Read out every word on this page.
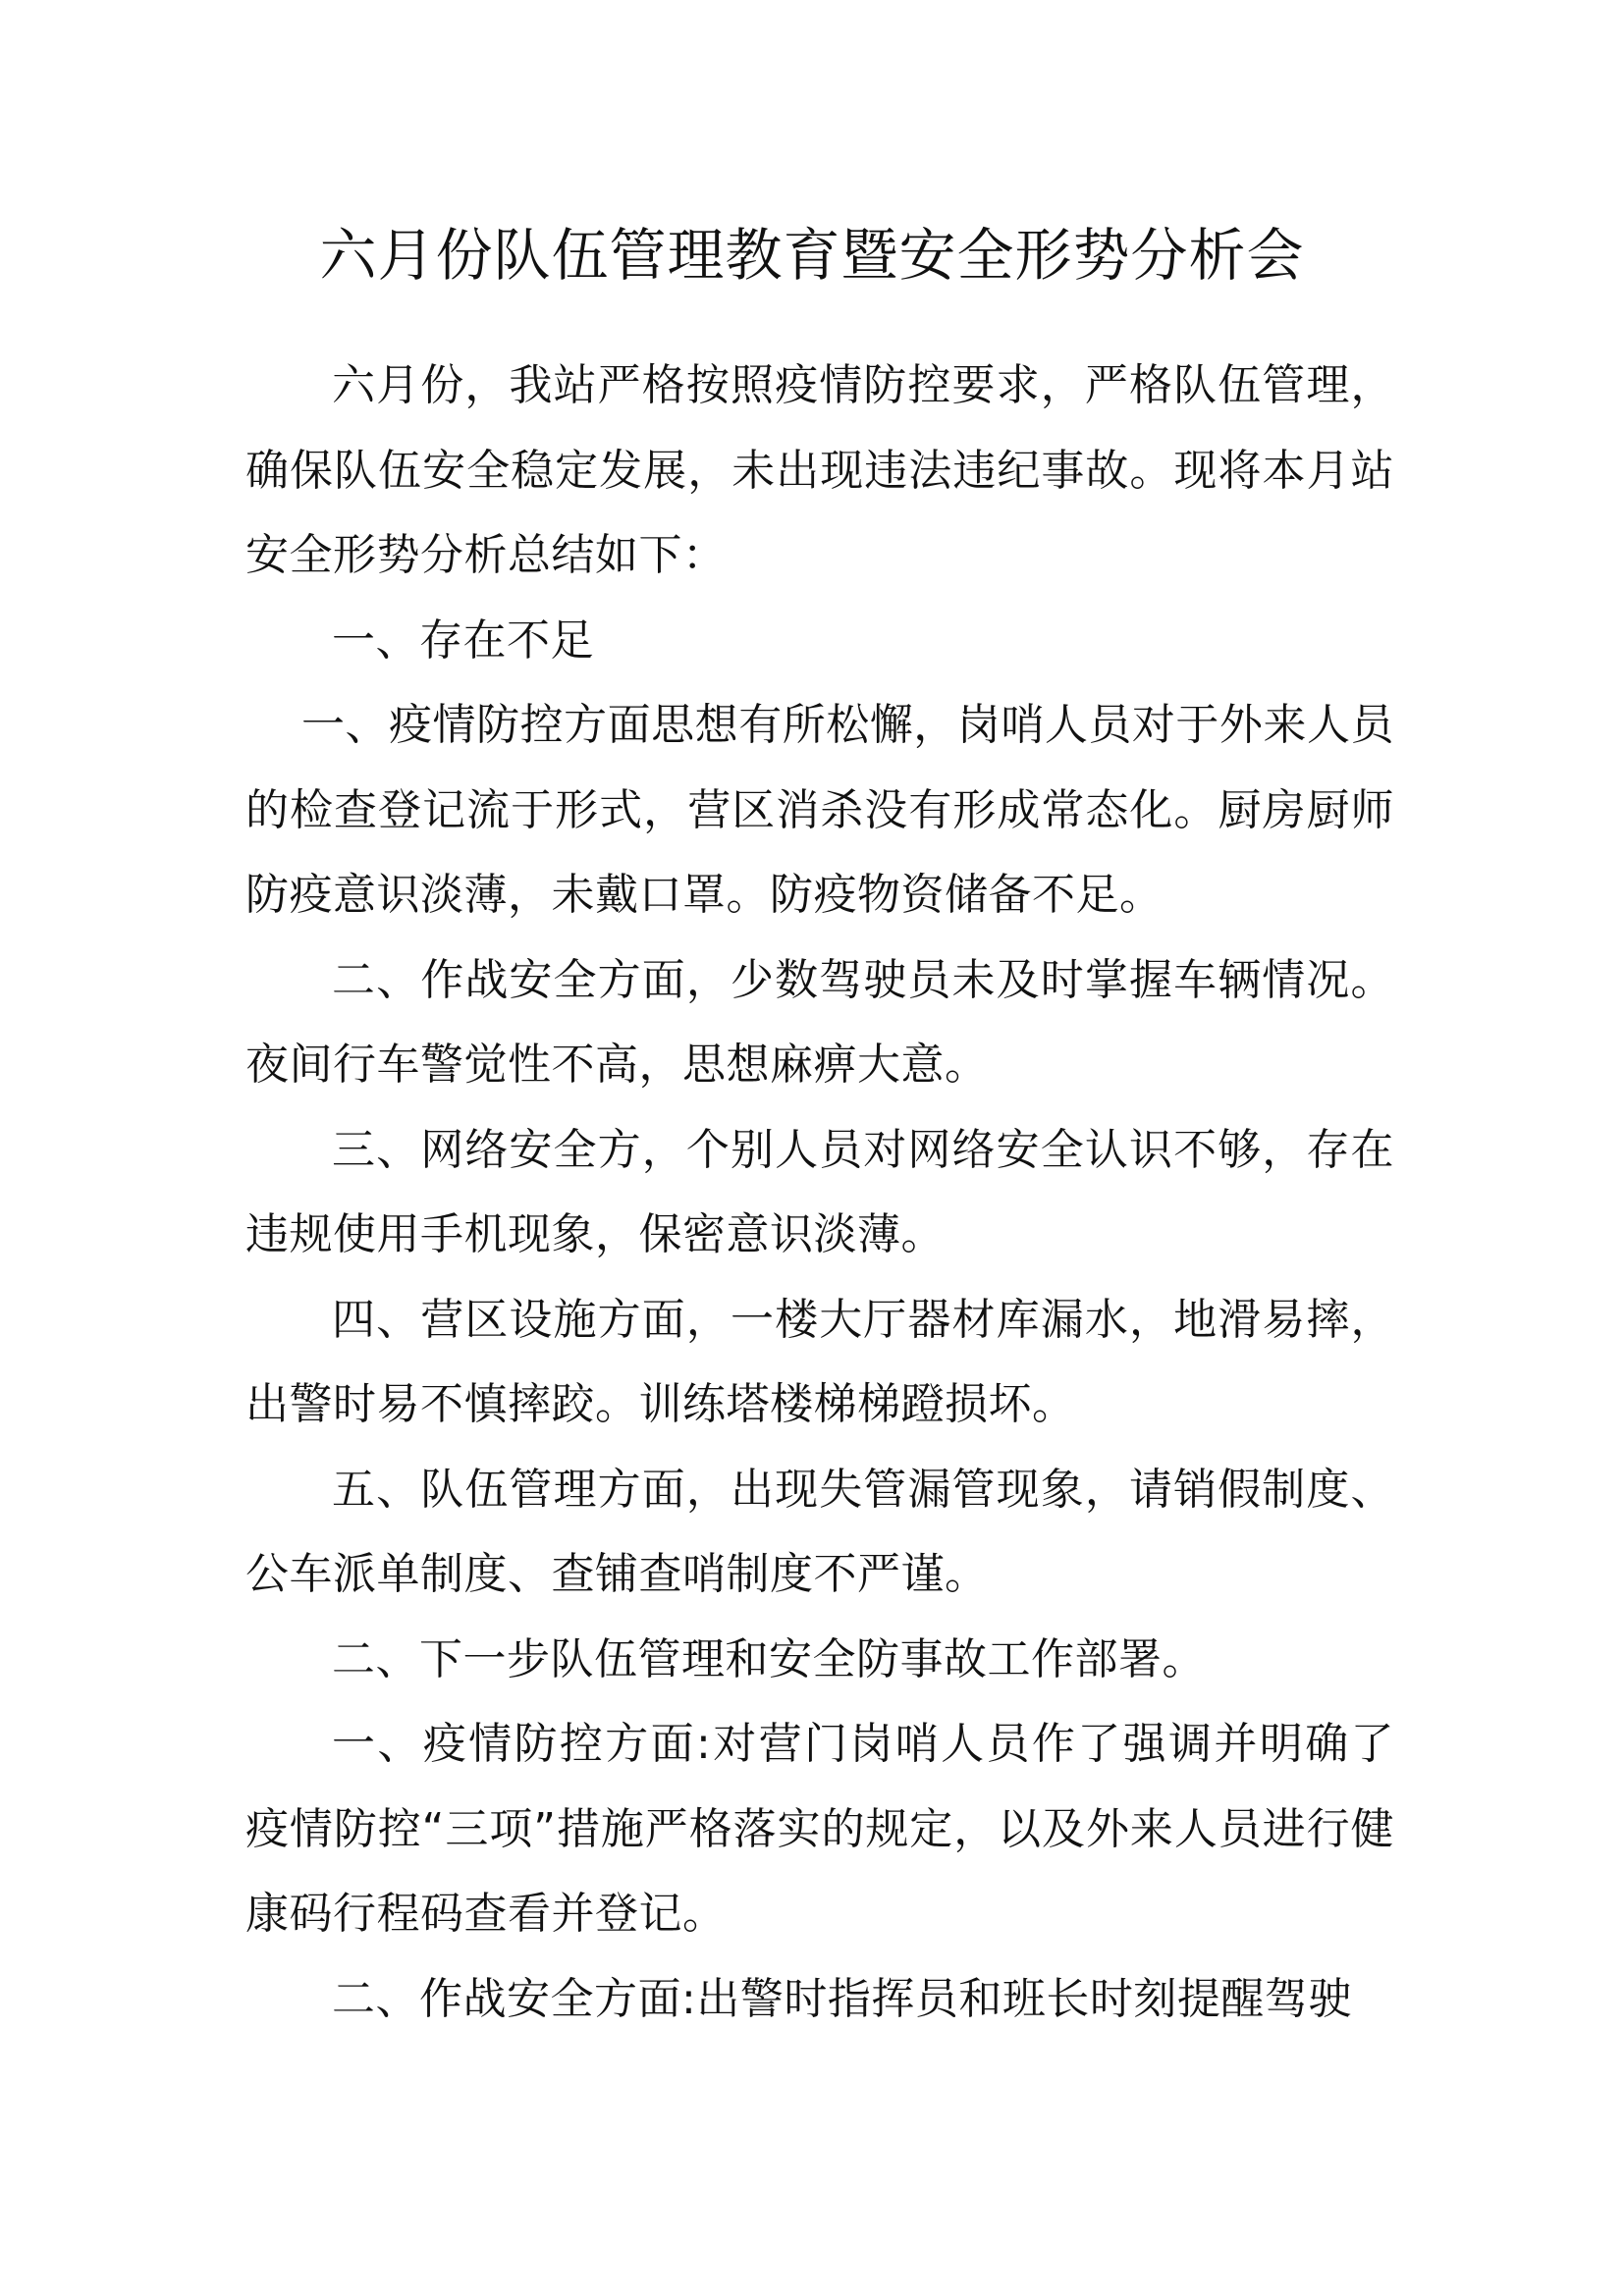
六月份队伍管理教育暨安全形势分析会

六月份，我站严格按照疫情防控要求，严格队伍管理，确保队伍安全稳定发展，未出现违法违纪事故。现将本月站安全形势分析总结如下：

一、存在不足

一、疫情防控方面思想有所松懈，岗哨人员对于外来人员的检查登记流于形式，营区消杀没有形成常态化。厨房厨师防疫意识淡薄，未戴口罩。防疫物资储备不足。

二、作战安全方面，少数驾驶员未及时掌握车辆情况。夜间行车警觉性不高，思想麻痹大意。

三、网络安全方，个别人员对网络安全认识不够，存在违规使用手机现象，保密意识淡薄。

四、营区设施方面，一楼大厅器材库漏水，地滑易摔，出警时易不慎摔跤。训练塔楼梯梯蹬损坏。

五、队伍管理方面，出现失管漏管现象，请销假制度、公车派单制度、查铺查哨制度不严谨。

二、下一步队伍管理和安全防事故工作部署。

一、疫情防控方面:对营门岗哨人员作了强调并明确了疫情防控“三项”措施严格落实的规定，以及外来人员进行健康码行程码查看并登记。

二、作战安全方面:出警时指挥员和班长时刻提醒驾驶
